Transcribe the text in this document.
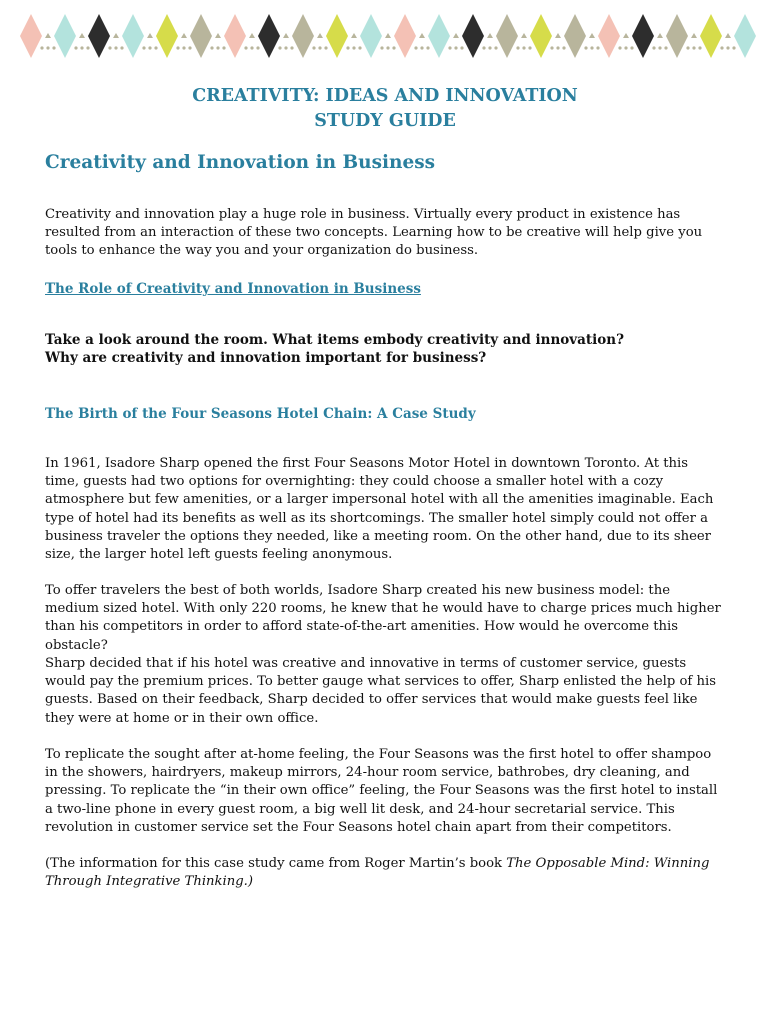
CREATIVITY: IDEAS AND INNOVATION
STUDY GUIDE
Creativity and Innovation in Business

Creativity and innovation play a huge role in business. Virtually every product in existence has resulted from an interaction of these two concepts. Learning how to be creative will help give you tools to enhance the way you and your organization do business.

The Role of Creativity and Innovation in Business
Take a look around the room. What items embody creativity and innovation?
Why are creativity and innovation important for business?
The Birth of the Four Seasons Hotel Chain: A Case Study

In 1961, Isadore Sharp opened the first Four Seasons Motor Hotel in downtown Toronto. At this time, guests had two options for overnighting: they could choose a smaller hotel with a cozy atmosphere but few amenities, or a larger impersonal hotel with all the amenities imaginable. Each type of hotel had its benefits as well as its shortcomings. The smaller hotel simply could not offer a business traveler the options they needed, like a meeting room. On the other hand, due to its sheer size, the larger hotel left guests feeling anonymous.

To offer travelers the best of both worlds, Isadore Sharp created his new business model: the medium sized hotel. With only 220 rooms, he knew that he would have to charge prices much higher than his competitors in order to afford state-of-the-art amenities. How would he overcome this obstacle?

Sharp decided that if his hotel was creative and innovative in terms of customer service, guests would pay the premium prices. To better gauge what services to offer, Sharp enlisted the help of his guests. Based on their feedback, Sharp decided to offer services that would make guests feel like they were at home or in their own office.

To replicate the sought after at-home feeling, the Four Seasons was the first hotel to offer shampoo in the showers, hairdryers, makeup mirrors, 24-hour room service, bathrobes, dry cleaning, and pressing. To replicate the “in their own office” feeling, the Four Seasons was the first hotel to install a two-line phone in every guest room, a big well lit desk, and 24-hour secretarial service. This revolution in customer service set the Four Seasons hotel chain apart from their competitors.

(The information for this case study came from Roger Martin’s book The Opposable Mind: Winning Through Integrative Thinking.)
